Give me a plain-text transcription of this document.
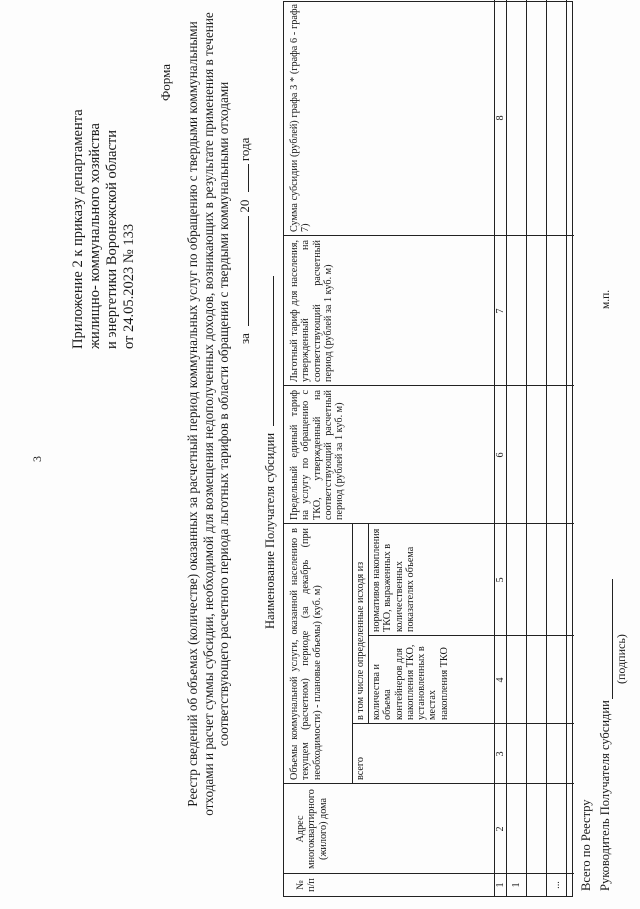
3
Приложение 2 к приказу департамента жилищно- коммунального хозяйства и энергетики Воронежской области от 24.05.2023 № 133
Форма Реестр сведений об объемах (количестве) оказанных за расчетный период коммунальных услуг по обращению с твердыми коммунальными отходами и расчет суммы субсидии, необходимой для возмещения недополученных доходов, возникающих в результате применения в течение соответствующего расчетного периода льготных тарифов в области обращения с твердыми коммунальными отходами за  20  года
Наименование Получателя субсидии
Всего по Реестру Руководитель Получателя субсидии
(подпись)
м.п.
№ п/п
Адрес многоквартирного (жилого) дома
Объемы коммунальной услуги, оказанной населению в текущем (расчетном) периоде (за декабрь (при необходимости) - плановые объемы) (куб. м)	всего
в том числе определенные исходя из количества и объема контейнеров для накопления ТКО, установленных в местах накопления ТКО
нормативов накопления ТКО, выраженных в количественных показателях объема
Предельный единый тариф на услугу по обращению с ТКО, утвержденный на соответствующий расчетный период (рублей за 1 куб. м)
Льготный тариф для населения, утвержденный на соответствующий расчетный период (рублей за 1 куб. м)
Сумма субсидии (рублей) графа 3 * (графа 6 - графа 7)
1
2
3
4
5
6
7
8
1	...
